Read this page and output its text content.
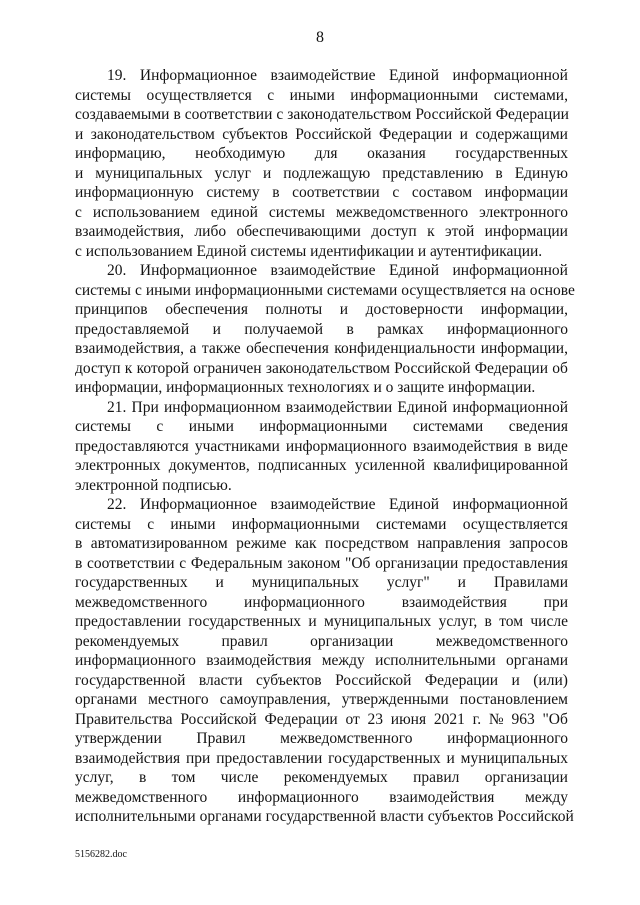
8
19. Информационное взаимодействие Единой информационной
системы осуществляется с иными информационными системами,
создаваемыми в соответствии с законодательством Российской Федерации
и законодательством субъектов Российской Федерации и содержащими
информацию, необходимую для оказания государственных
и муниципальных услуг и подлежащую представлению в Единую
информационную систему в соответствии с составом информации
с использованием единой системы межведомственного электронного
взаимодействия, либо обеспечивающими доступ к этой информации
с использованием Единой системы идентификации и аутентификации.
20. Информационное взаимодействие Единой информационной
системы с иными информационными системами осуществляется на основе
принципов обеспечения полноты и достоверности информации,
предоставляемой и получаемой в рамках информационного
взаимодействия, а также обеспечения конфиденциальности информации,
доступ к которой ограничен законодательством Российской Федерации об
информации, информационных технологиях и о защите информации.
21. При информационном взаимодействии Единой информационной
системы с иными информационными системами сведения
предоставляются участниками информационного взаимодействия в виде
электронных документов, подписанных усиленной квалифицированной
электронной подписью.
22. Информационное взаимодействие Единой информационной
системы с иными информационными системами осуществляется
в автоматизированном режиме как посредством направления запросов
в соответствии с Федеральным законом "Об организации предоставления
государственных и муниципальных услуг" и Правилами
межведомственного информационного взаимодействия при
предоставлении государственных и муниципальных услуг, в том числе
рекомендуемых	правил	организации	межведомственного
информационного взаимодействия между исполнительными органами
государственной власти субъектов Российской Федерации и (или)
органами местного самоуправления, утвержденными постановлением
Правительства Российской Федерации от 23 июня 2021 г. № 963 "Об
утверждении Правил межведомственного информационного
взаимодействия при предоставлении государственных и муниципальных
услуг, в том числе рекомендуемых правил организации
межведомственного информационного взаимодействия между
исполнительными органами государственной власти субъектов Российской
5156282.doc
